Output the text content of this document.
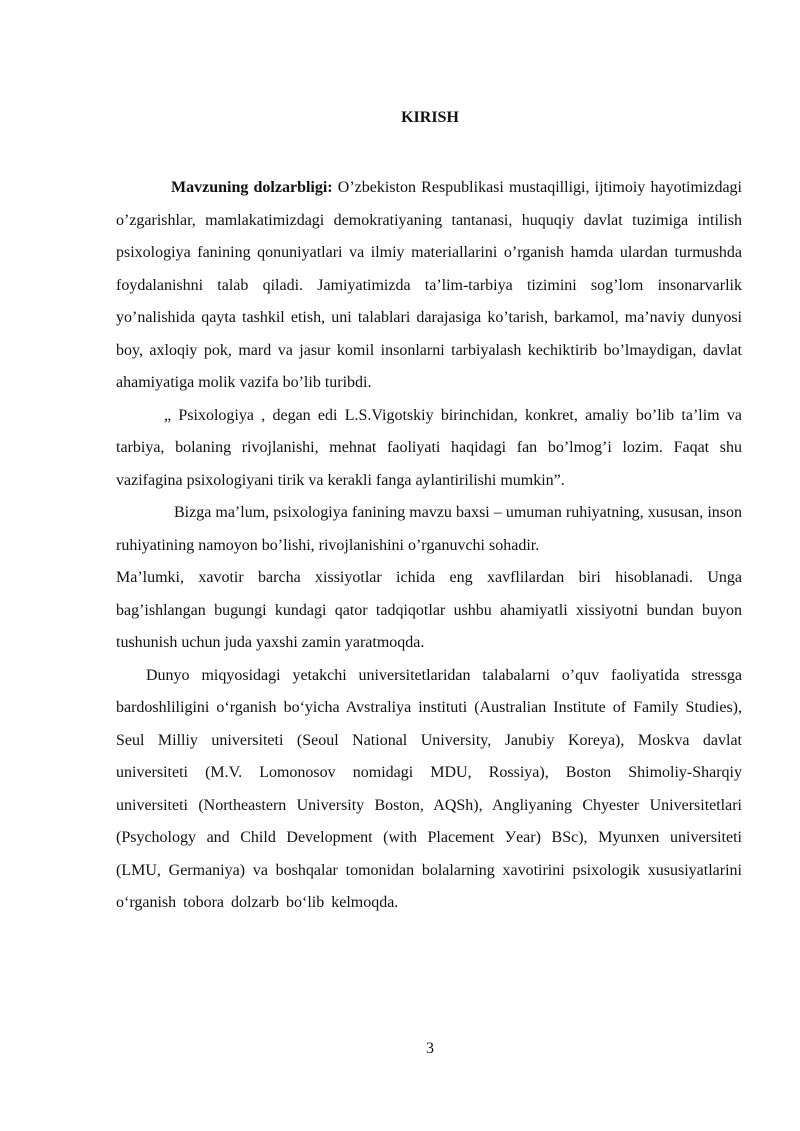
KIRISH

Mavzuning dolzarbligi: O’zbekiston Respublikasi mustaqilligi, ijtimoiy hayotimizdagi o’zgarishlar, mamlakatimizdagi demokratiyaning tantanasi, huquqiy davlat tuzimiga intilish psixologiya fanining qonuniyatlari va ilmiy materiallarini o’rganish hamda ulardan turmushda foydalanishni talab qiladi. Jamiyatimizda ta’lim-tarbiya tizimini sog’lom insonarvarlik yo’nalishida qayta tashkil etish, uni talablari darajasiga ko’tarish, barkamol, ma’naviy dunyosi boy, axloqiy pok, mard va jasur komil insonlarni tarbiyalash kechiktirib bo’lmaydigan, davlat ahamiyatiga molik vazifa bo’lib turibdi.

„ Psixologiya , degan edi L.S.Vigotskiy birinchidan, konkret, amaliy bo’lib ta’lim va tarbiya, bolaning rivojlanishi, mehnat faoliyati haqidagi fan bo’lmog’i lozim. Faqat shu vazifagina psixologiyani tirik va kerakli fanga aylantirilishi mumkin”.

Bizga ma’lum, psixologiya fanining mavzu baxsi – umuman ruhiyatning, xususan, inson ruhiyatining namoyon bo’lishi, rivojlanishini o’rganuvchi sohadir.

Ma’lumki, xavotir barcha xissiyotlar ichida eng xavflilardan biri hisoblanadi. Unga bag’ishlangan bugungi kundagi qator tadqiqotlar ushbu ahamiyatli xissiyotni bundan buyon tushunish uchun juda yaxshi zamin yaratmoqda.

Dunyo miqyosidagi yetakchi universitetlaridan talabalarni o’quv faoliyatida stressga bardoshliligini o‘rganish bo‘yicha Avstraliya instituti (Australian Institute of Family Studies), Seul Milliy universiteti (Seoul National University, Janubiy Koreya), Moskva davlat universiteti (M.V. Lomonosov nomidagi MDU, Rossiya), Boston Shimoliy-Sharqiy universiteti (Northeastern University Boston, AQSh), Angliyaning Chyester Universitetlari (Psychology and Child Development (with Placement Уear) BSc), Myunxen universiteti (LMU, Germaniya) va boshqalar tomonidan bolalarning xavotirini psixologik xususiyatlarini o‘rganish tobora dolzarb bo‘lib kelmoqda.

3
